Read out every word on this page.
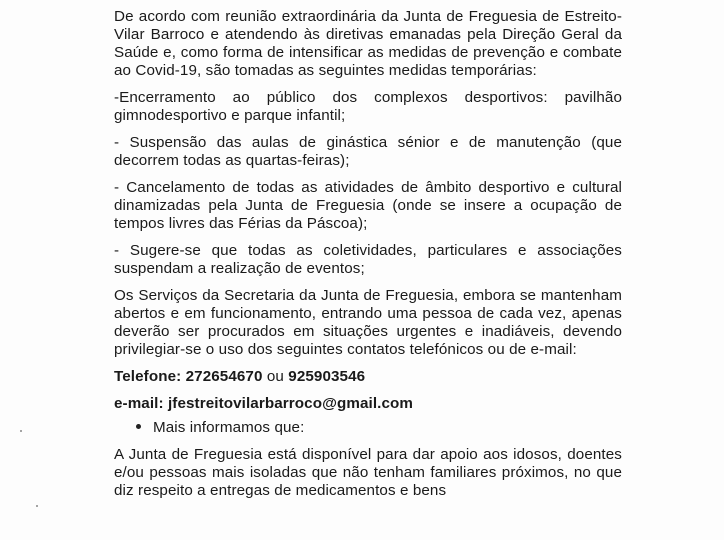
De acordo com reunião extraordinária da Junta de Freguesia de Estreito-Vilar Barroco e atendendo às diretivas emanadas pela Direção Geral da Saúde e, como forma de intensificar as medidas de prevenção e combate ao Covid-19, são tomadas as seguintes medidas temporárias:

-Encerramento ao público dos complexos desportivos: pavilhão gimnodesportivo e parque infantil;

- Suspensão das aulas de ginástica sénior e de manutenção (que decorrem todas as quartas-feiras);

- Cancelamento de todas as atividades de âmbito desportivo e cultural dinamizadas pela Junta de Freguesia (onde se insere a ocupação de tempos livres das Férias da Páscoa);

- Sugere-se que todas as coletividades, particulares e associações suspendam a realização de eventos;

Os Serviços da Secretaria da Junta de Freguesia, embora se mantenham abertos e em funcionamento, entrando uma pessoa de cada vez, apenas deverão ser procurados em situações urgentes e inadiáveis, devendo privilegiar-se o uso dos seguintes contatos telefónicos ou de e-mail:

Telefone: 272654670 ou 925903546

e-mail: jfestreitovilarbarroco@gmail.com

Mais informamos que:

A Junta de Freguesia está disponível para dar apoio aos idosos, doentes e/ou pessoas mais isoladas que não tenham familiares próximos, no que diz respeito a entregas de medicamentos e bens
